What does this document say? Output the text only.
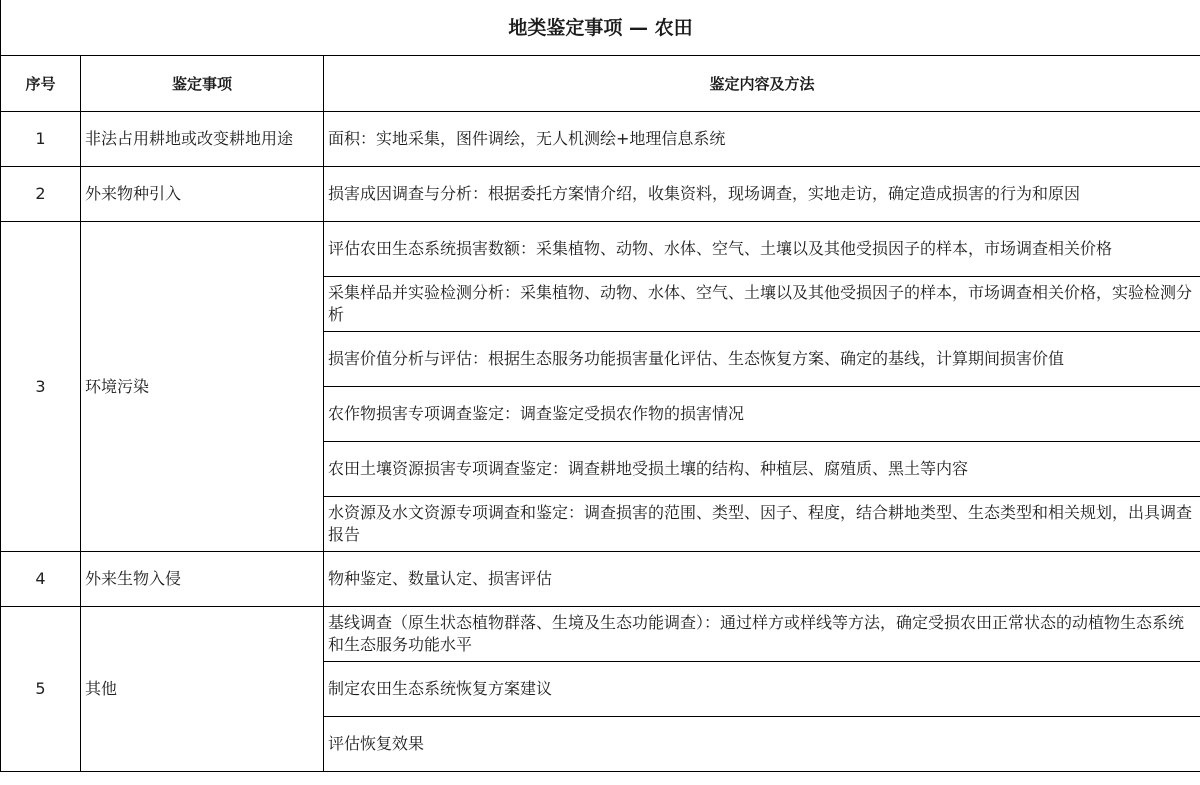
地类鉴定事项 — 农田		
序号	鉴定事项	鉴定内容及方法
1	非法占用耕地或改变耕地用途	面积：实地采集，图件调绘，无人机测绘+地理信息系统
2	外来物种引入	损害成因调查与分析：根据委托方案情介绍，收集资料，现场调查，实地走访，确定造成损害的行为和原因
3	环境污染	评估农田生态系统损害数额：采集植物、动物、水体、空气、土壤以及其他受损因子的样本，市场调查相关价格
		采集样品并实验检测分析：采集植物、动物、水体、空气、土壤以及其他受损因子的样本，市场调查相关价格，实验检测分析
		损害价值分析与评估：根据生态服务功能损害量化评估、生态恢复方案、确定的基线，计算期间损害价值
		农作物损害专项调查鉴定：调查鉴定受损农作物的损害情况
		农田土壤资源损害专项调查鉴定：调查耕地受损土壤的结构、种植层、腐殖质、黑土等内容
		水资源及水文资源专项调查和鉴定：调查损害的范围、类型、因子、程度，结合耕地类型、生态类型和相关规划，出具调查报告
4	外来生物入侵	物种鉴定、数量认定、损害评估
5	其他	基线调查（原生状态植物群落、生境及生态功能调查）：通过样方或样线等方法，确定受损农田正常状态的动植物生态系统和生态服务功能水平
		制定农田生态系统恢复方案建议
		评估恢复效果
